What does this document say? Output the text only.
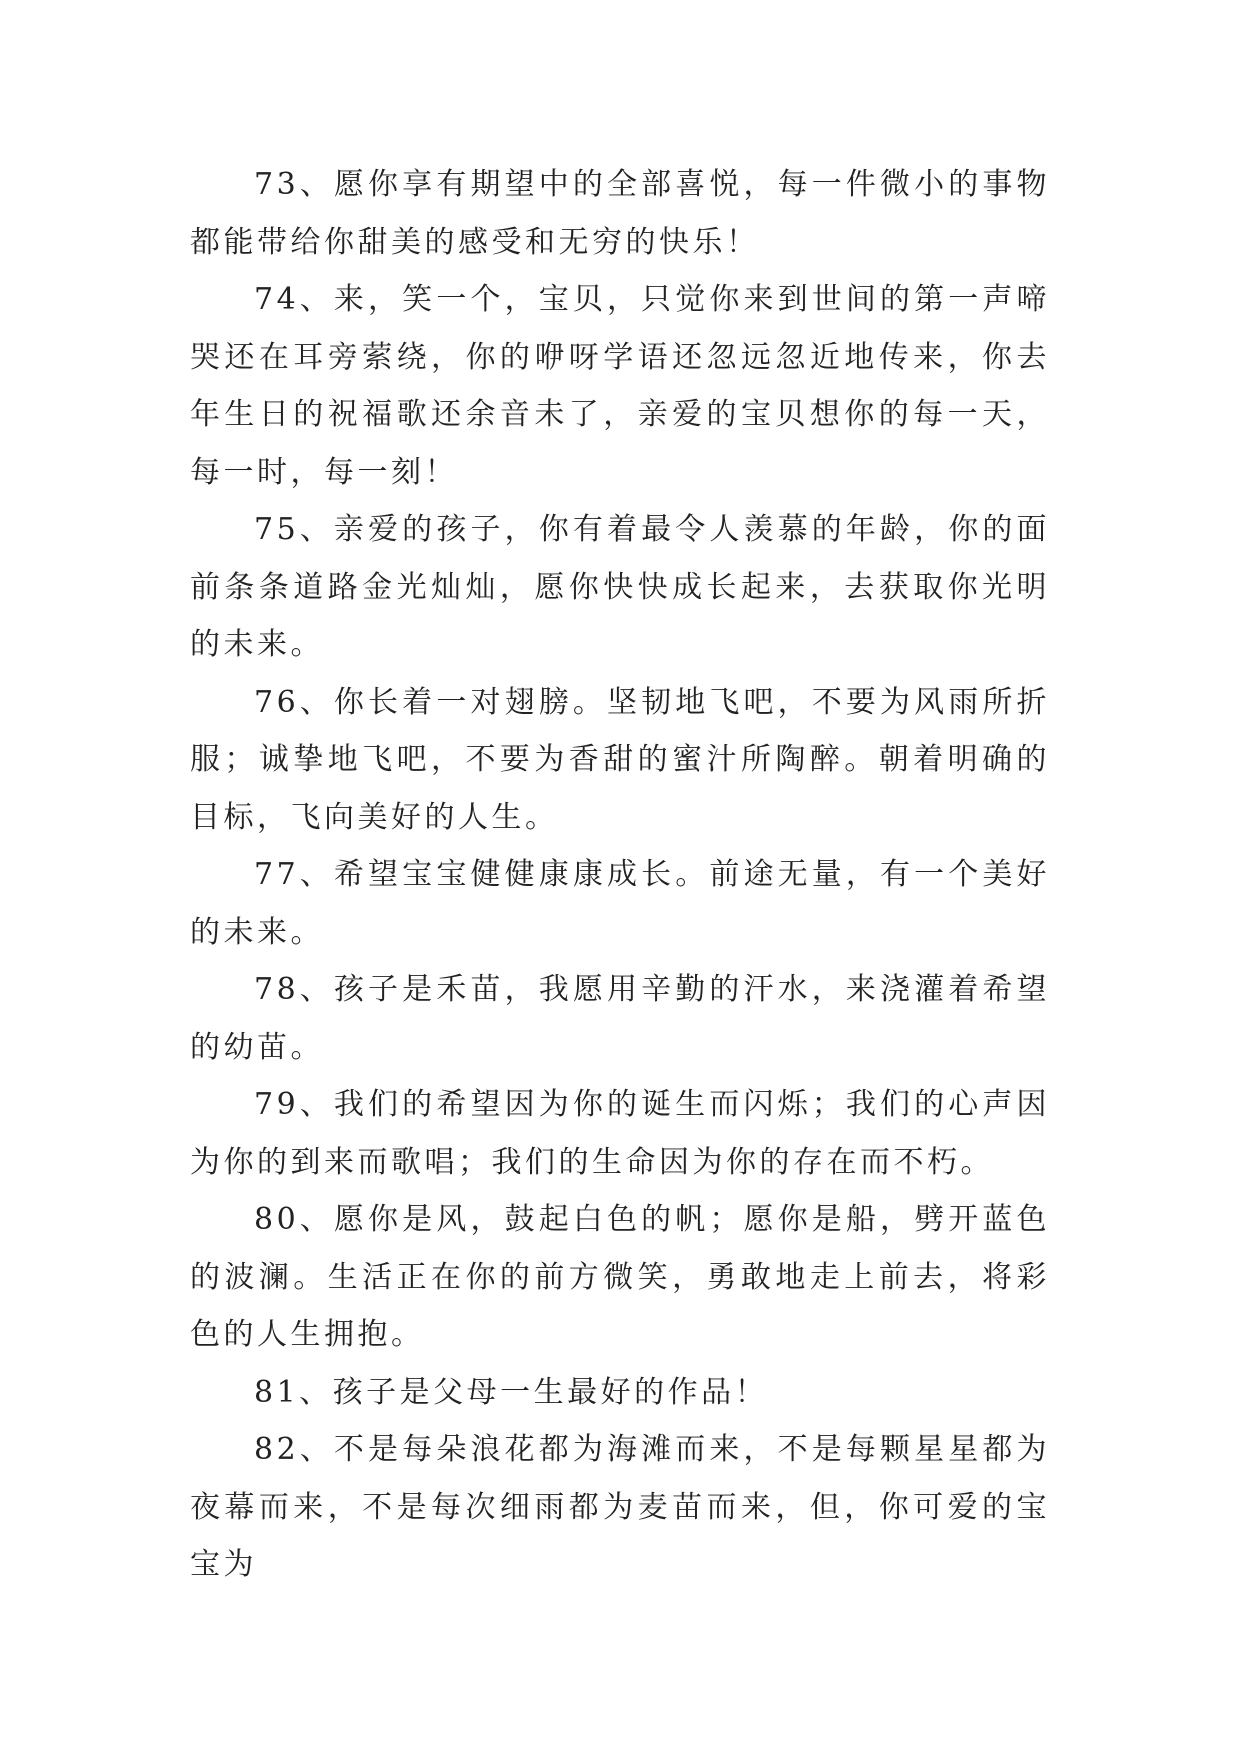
73、愿你享有期望中的全部喜悦，每一件微小的事物都能带给你甜美的感受和无穷的快乐！

74、来，笑一个，宝贝，只觉你来到世间的第一声啼哭还在耳旁萦绕，你的咿呀学语还忽远忽近地传来，你去年生日的祝福歌还余音未了，亲爱的宝贝想你的每一天，每一时，每一刻！

75、亲爱的孩子，你有着最令人羡慕的年龄，你的面前条条道路金光灿灿，愿你快快成长起来，去获取你光明的未来。

76、你长着一对翅膀。坚韧地飞吧，不要为风雨所折服；诚挚地飞吧，不要为香甜的蜜汁所陶醉。朝着明确的目标，飞向美好的人生。

77、希望宝宝健健康康成长。前途无量，有一个美好的未来。

78、孩子是禾苗，我愿用辛勤的汗水，来浇灌着希望的幼苗。

79、我们的希望因为你的诞生而闪烁；我们的心声因为你的到来而歌唱；我们的生命因为你的存在而不朽。

80、愿你是风，鼓起白色的帆；愿你是船，劈开蓝色的波澜。生活正在你的前方微笑，勇敢地走上前去，将彩色的人生拥抱。

81、孩子是父母一生最好的作品！

82、不是每朵浪花都为海滩而来，不是每颗星星都为夜幕而来，不是每次细雨都为麦苗而来，但，你可爱的宝宝为
